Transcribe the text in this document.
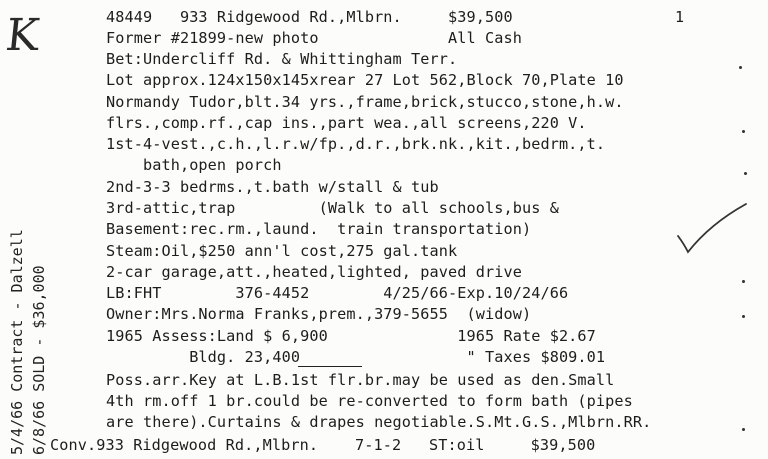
K	1
5/4/66 Contract - Dalzell 6/8/66 SOLD - $36,000
48449   933 Ridgewood Rd.,Mlbrn.     $39,500
Former #21899-new photo              All Cash
Bet:Undercliff Rd. & Whittingham Terr.
Lot approx.124x150x145xrear 27 Lot 562,Block 70,Plate 10
Normandy Tudor,blt.34 yrs.,frame,brick,stucco,stone,h.w.
flrs.,comp.rf.,cap ins.,part wea.,all screens,220 V.
1st-4-vest.,c.h.,l.r.w/fp.,d.r.,brk.nk.,kit.,bedrm.,t.
bath,open porch
2nd-3-3 bedrms.,t.bath w/stall & tub
3rd-attic,trap         (Walk to all schools,bus &
Basement:rec.rm.,laund.  train transportation)
Steam:Oil,$250 ann'l cost,275 gal.tank
2-car garage,att.,heated,lighted, paved drive
LB:FHT        376-4452        4/25/66-Exp.10/24/66
Owner:Mrs.Norma Franks,prem.,379-5655  (widow)
1965 Assess:Land $ 6,900              1965 Rate $2.67
Bldg. 23,400                  " Taxes $809.01
Poss.arr.Key at L.B.1st flr.br.may be used as den.Small
4th rm.off 1 br.could be re-converted to form bath (pipes
are there).Curtains & drapes negotiable.S.Mt.G.S.,Mlbrn.RR.
Conv.933 Ridgewood Rd.,Mlbrn.    7-1-2   ST:oil     $39,500
